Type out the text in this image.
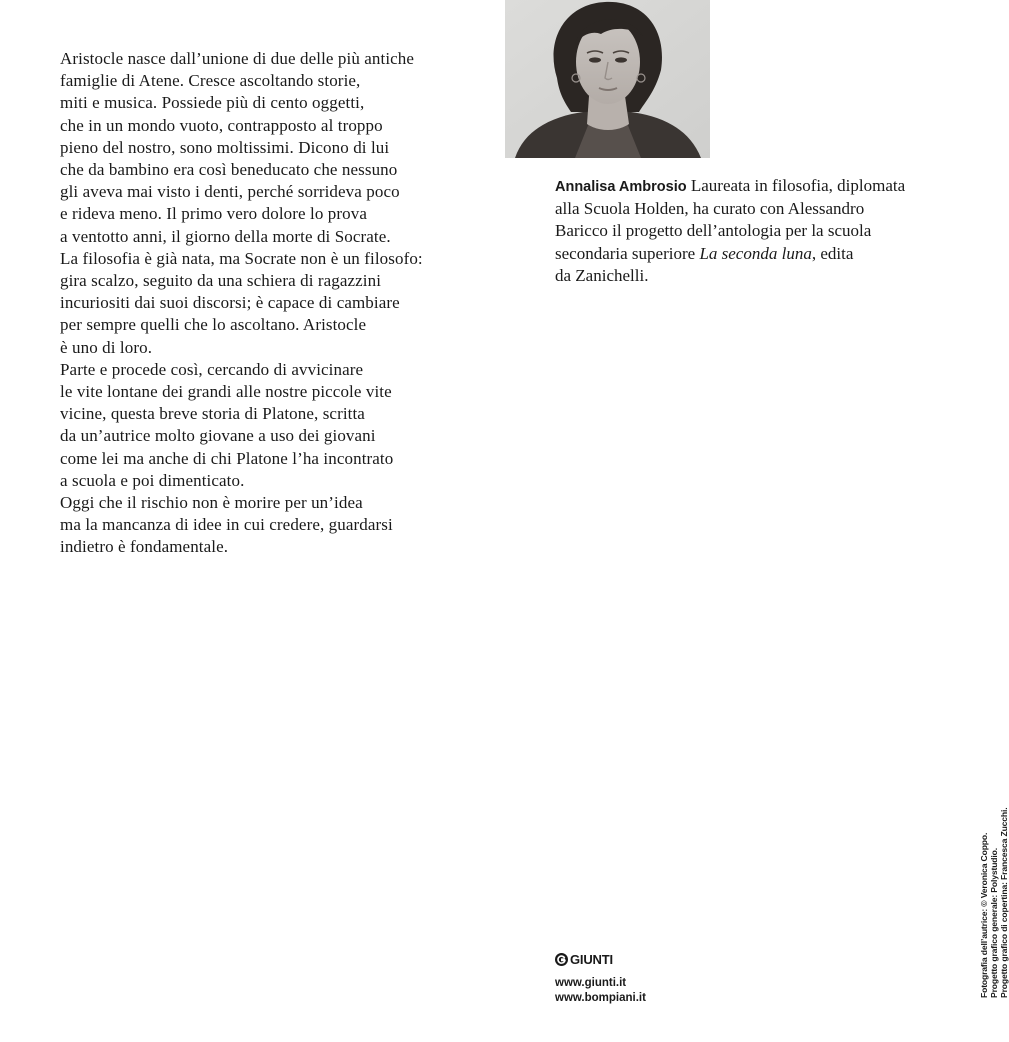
Aristocle nasce dall’unione di due delle più antiche
famiglie di Atene. Cresce ascoltando storie,
miti e musica. Possiede più di cento oggetti,
che in un mondo vuoto, contrapposto al troppo
pieno del nostro, sono moltissimi. Dicono di lui
che da bambino era così beneducato che nessuno
gli aveva mai visto i denti, perché sorrideva poco
e rideva meno. Il primo vero dolore lo prova
a ventotto anni, il giorno della morte di Socrate.
La filosofia è già nata, ma Socrate non è un filosofo:
gira scalzo, seguito da una schiera di ragazzini
incuriositi dai suoi discorsi; è capace di cambiare
per sempre quelli che lo ascoltano. Aristocle
è uno di loro.
Parte e procede così, cercando di avvicinare
le vite lontane dei grandi alle nostre piccole vite
vicine, questa breve storia di Platone, scritta
da un’autrice molto giovane a uso dei giovani
come lei ma anche di chi Platone l’ha incontrato
a scuola e poi dimenticato.
Oggi che il rischio non è morire per un’idea
ma la mancanza di idee in cui credere, guardarsi
indietro è fondamentale.
Annalisa Ambrosio Laureata in filosofia, diplomata
alla Scuola Holden, ha curato con Alessandro
Baricco il progetto dell’antologia per la scuola
secondaria superiore La seconda luna, edita
da Zanichelli.
GIUNTI
www.giunti.it
www.bompiani.it	Fotografia dell’autrice: © Veronica Coppo. Progetto grafico generale: Polystudio. Progetto grafico di copertina: Francesca Zucchi.
